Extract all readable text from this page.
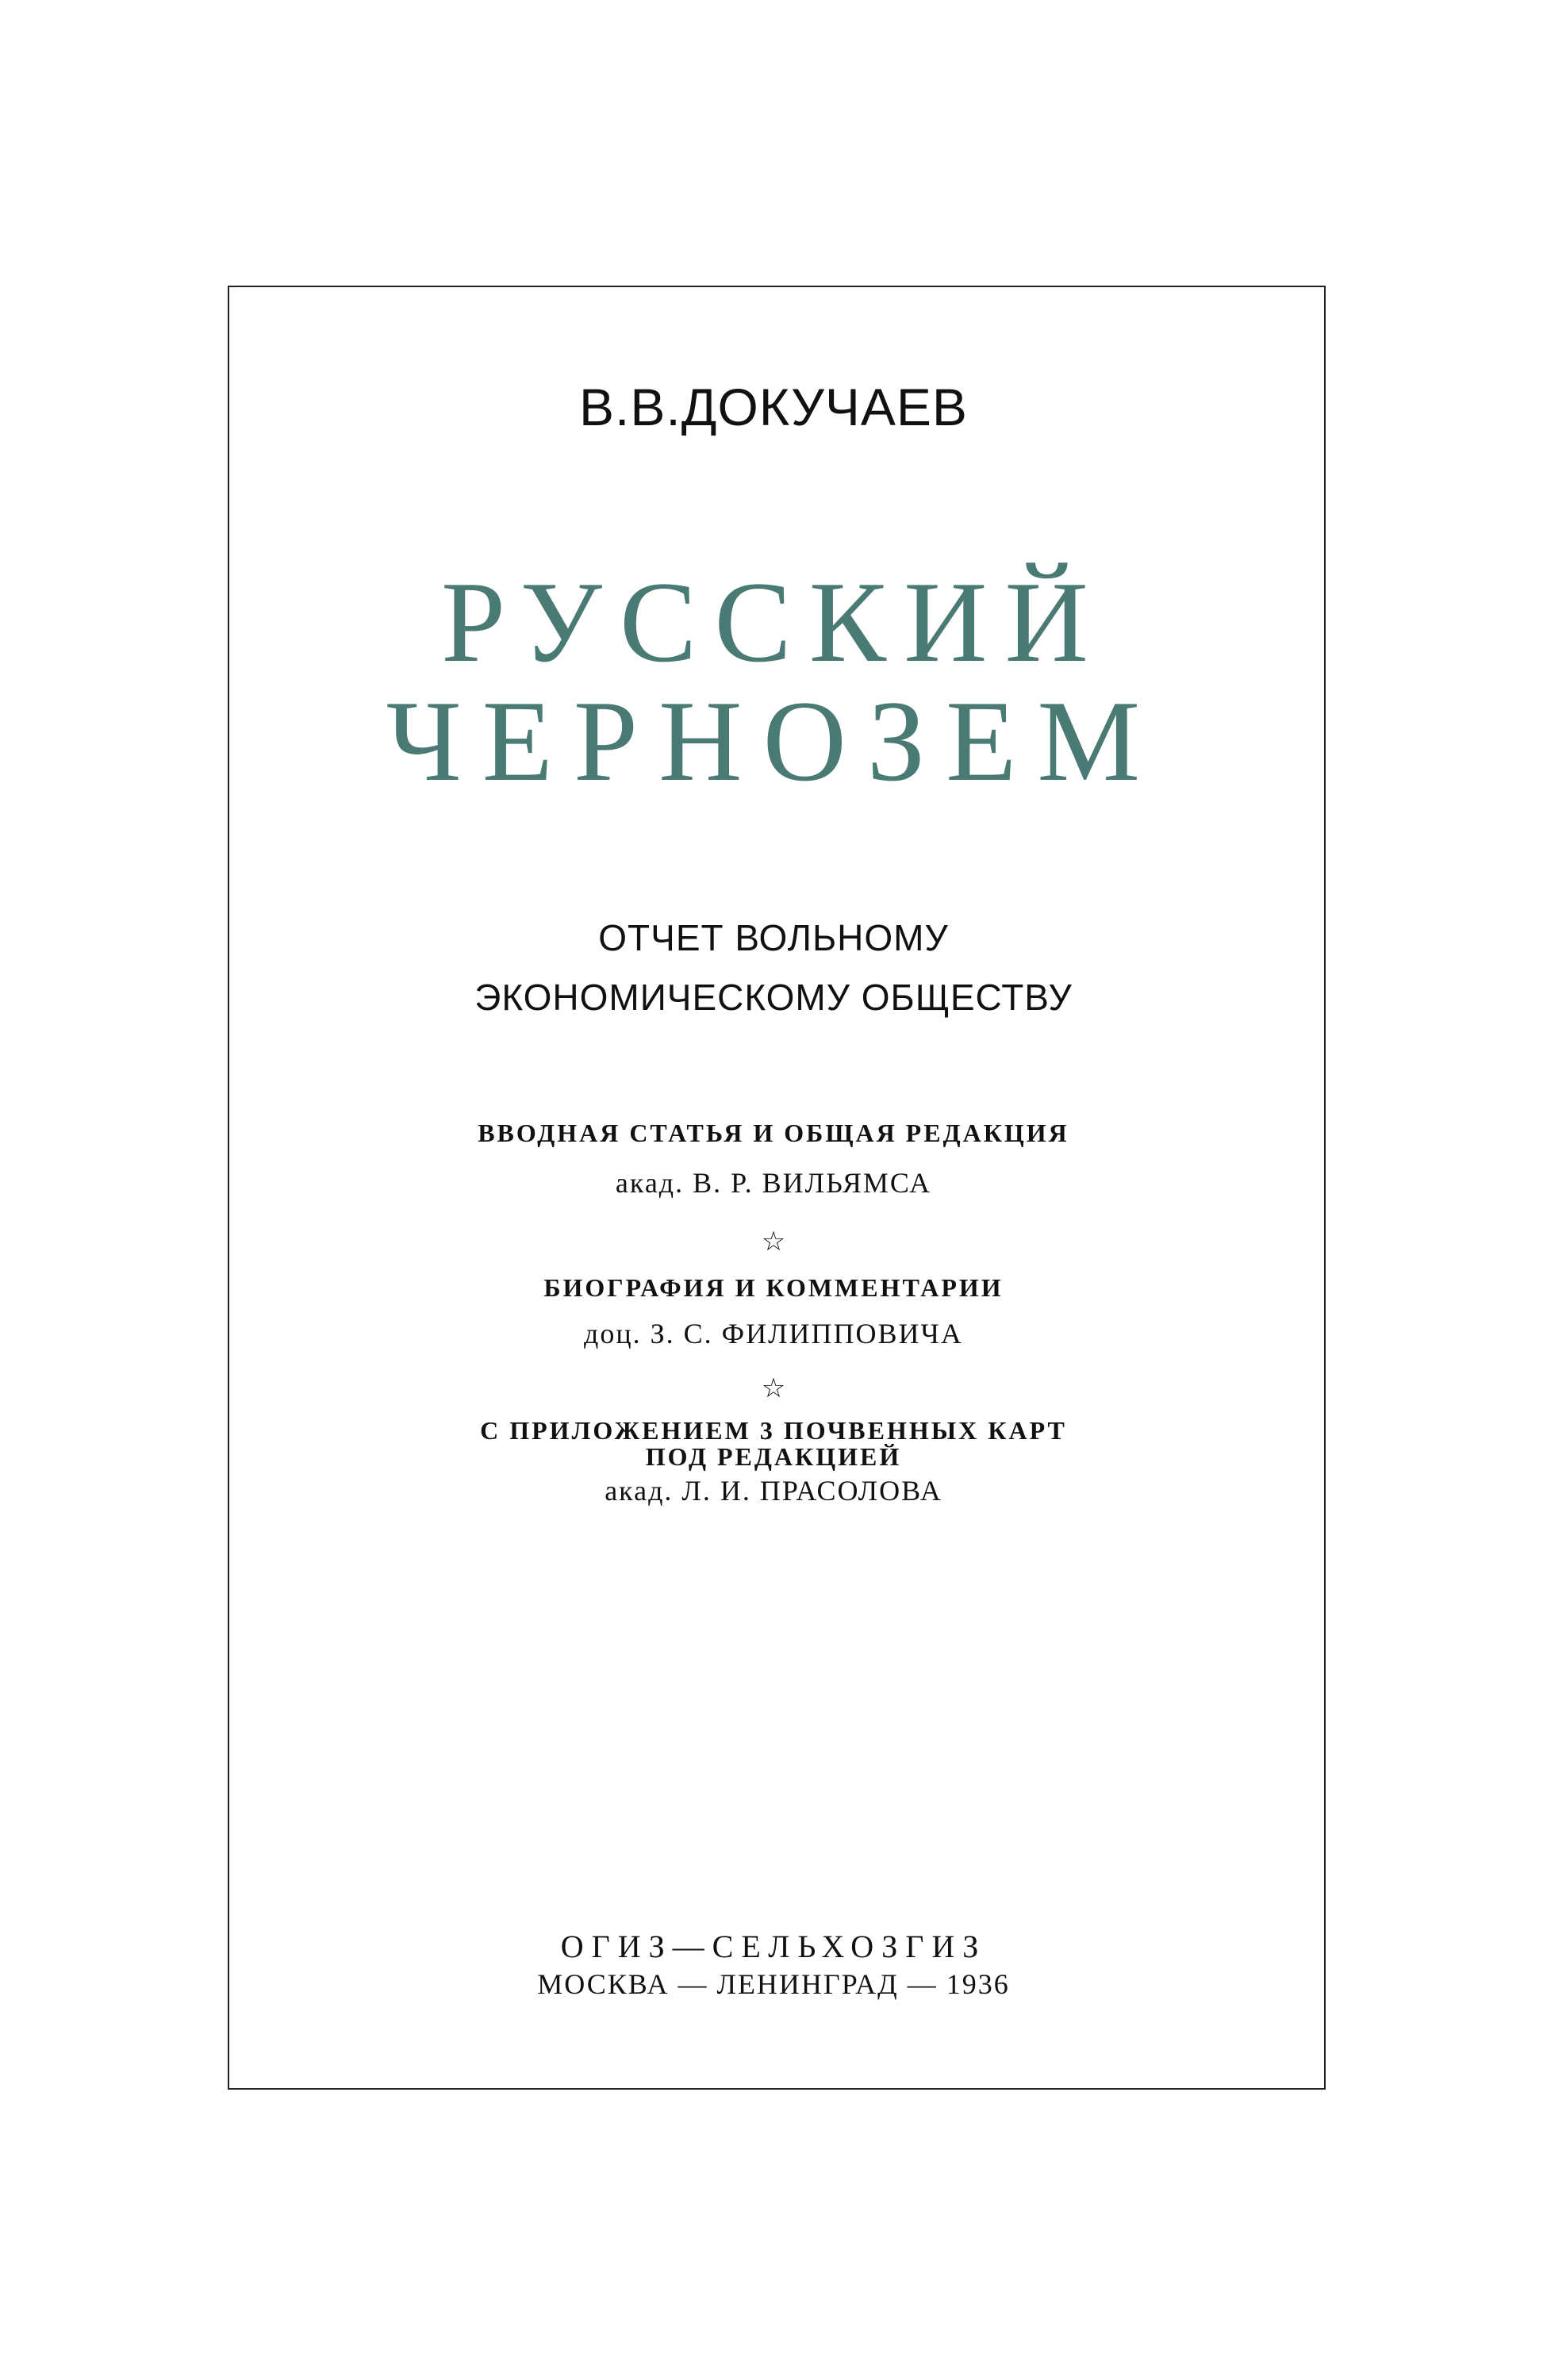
В.В.ДОКУЧАЕВ
РУССКИЙ
ЧЕРНОЗЕМ
ОТЧЕТ ВОЛЬНОМУ
ЭКОНОМИЧЕСКОМУ ОБЩЕСТВУ
ВВОДНАЯ СТАТЬЯ И ОБЩАЯ РЕДАКЦИЯ
акад. В. Р. ВИЛЬЯМСА
☆
БИОГРАФИЯ И КОММЕНТАРИИ
доц. З. С. ФИЛИППОВИЧА
☆
С ПРИЛОЖЕНИЕМ 3 ПОЧВЕННЫХ КАРТ
ПОД РЕДАКЦИЕЙ
акад. Л. И. ПРАСОЛОВА
ОГИЗ—СЕЛЬХОЗГИЗ
МОСКВА — ЛЕНИНГРАД — 1936
